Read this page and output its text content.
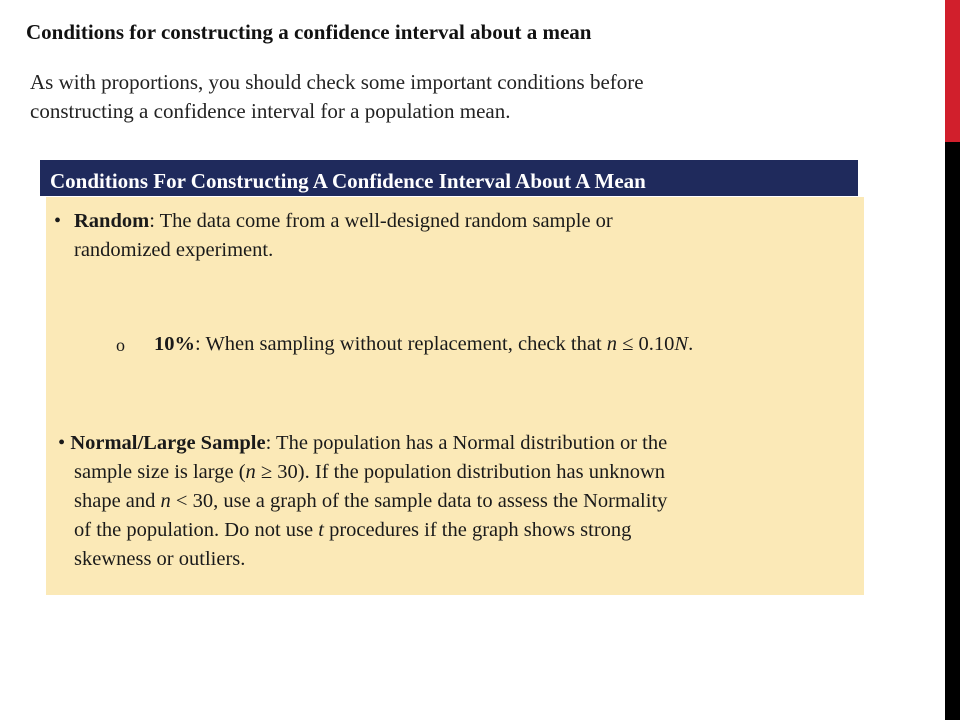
Conditions for constructing a confidence interval about a mean
As with proportions, you should check some important conditions before
constructing a confidence interval for a population mean.
Conditions For Constructing A Confidence Interval About A Mean
• Random: The data come from a well-designed random sample or
randomized experiment.
o 10%: When sampling without replacement, check that n ≤ 0.10N.
• Normal/Large Sample: The population has a Normal distribution or the
sample size is large (n ≥ 30). If the population distribution has unknown
shape and n < 30, use a graph of the sample data to assess the Normality
of the population. Do not use t procedures if the graph shows strong
skewness or outliers.
